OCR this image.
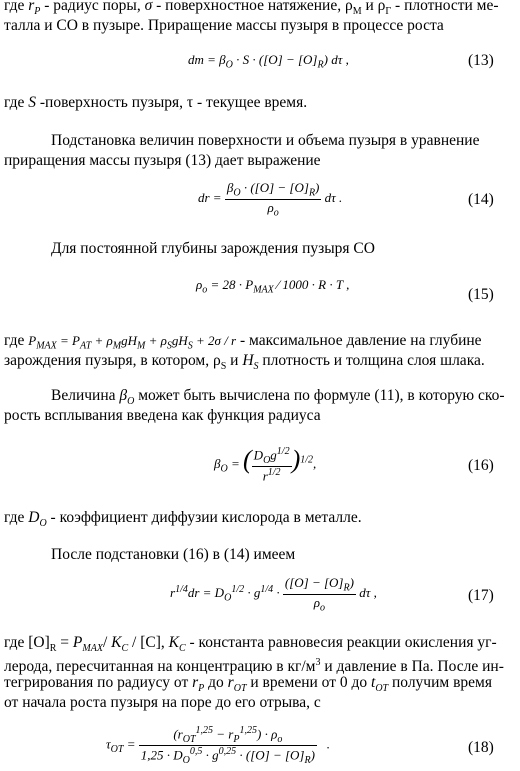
где $r_P$ - радиус поры, σ - поверхностное натяжение, $\rho_М$ и $\rho_Г$ - плотности ме-
талла и СО в пузыре. Приращение массы пузыря в процессе роста
dm = $\beta_O \cdot S \cdot ([O] - [O]_R)$ dτ ,	(13)
где S -поверхность пузыря, τ - текущее время.
Подстановка величин поверхности и объема пузыря в уравнение
приращения массы пузыря (13) дает выражение
dr = $\frac{\beta_O \cdot ([O] - [O]_R)}{\rho_o}$ dτ .	(14)
Для постоянной глубины зарождения пузыря СО
$\rho_o = 28 \cdot P_{MAX}$ ⁄ 1000 · R · T ,
(15)
где $P_{MAX} = P_{AT} + \rho_MgH_M + \rho_SgH_S + 2\sigma / r$ - максимальное давление на глубине
зарождения пузыря, в котором, $\rho_S$ и $H_S$ плотность и толщина слоя шлака.
Величина $\beta_O$ может быть вычислена по формуле (11), в которую ско-
рость всплывания введена как функция радиуса
$\beta_O$ = ( $\frac{D_Og^{1/2}}{r^{1/2}} )^{1/2}$,	(16)
где $D_O$ - коэффициент диффузии кислорода в металле.
После подстановки (16) в (14) имеем
$r^{1/4}dr = D_O^{1/2} \cdot g^{1/4} \cdot \frac{([O] - [O]_R)}{\rho_o}$ dτ ,	(17)
где $[O]_R = P_{MAX}/$ $K_C / [C]$, $K_C$ - константа равновесия реакции окисления уг-
лерода, пересчитанная на концентрацию в $кг/м^3$ и давление в Па. После ин-
тегрирования по радиусу от $r_P$ до $r_{OT}$ и времени от 0 до $t_{OT}$ получим время
от начала роста пузыря на поре до его отрыва, с
$\tau_{OT} = \frac{(r_{OT}^{1,25} - r_P^{1,25}) \cdot \rho_o}{1,25 \cdot D_O^{0,5} \cdot g^{0,25} \cdot ([O] - [O]_R)}$ .	(18)
